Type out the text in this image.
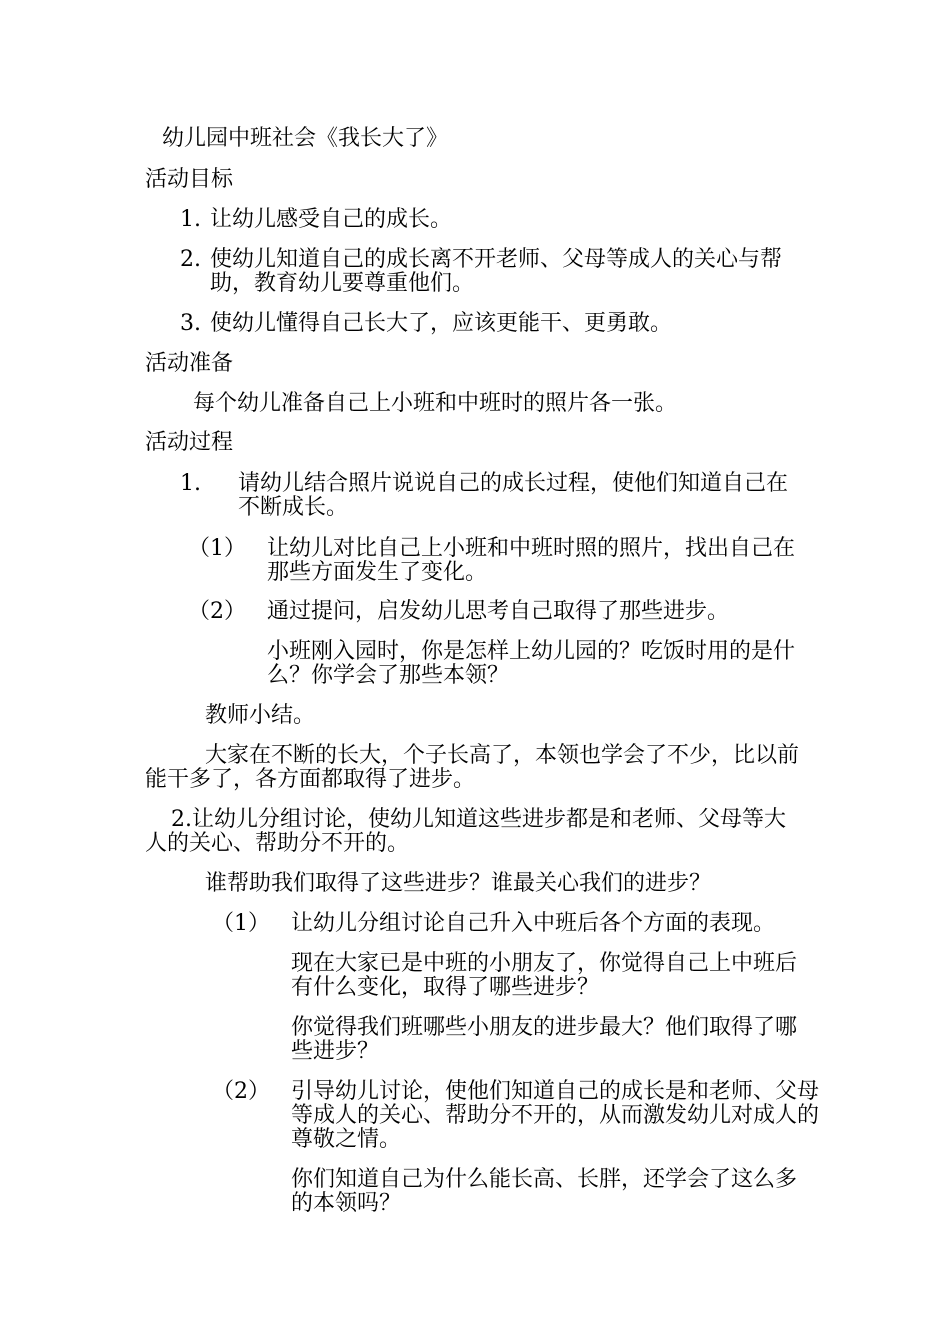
幼儿园中班社会《我长大了》

活动目标

1. 让幼儿感受自己的成长。

2. 使幼儿知道自己的成长离不开老师、父母等成人的关心与帮助，教育幼儿要尊重他们。

3. 使幼儿懂得自己长大了，应该更能干、更勇敢。

活动准备

每个幼儿准备自己上小班和中班时的照片各一张。

活动过程

1. 请幼儿结合照片说说自己的成长过程，使他们知道自己在不断成长。

（1） 让幼儿对比自己上小班和中班时照的照片，找出自己在那些方面发生了变化。

（2） 通过提问，启发幼儿思考自己取得了那些进步。

小班刚入园时，你是怎样上幼儿园的？吃饭时用的是什么？你学会了那些本领？

教师小结。

大家在不断的长大，个子长高了，本领也学会了不少，比以前能干多了，各方面都取得了进步。

2.让幼儿分组讨论，使幼儿知道这些进步都是和老师、父母等大人的关心、帮助分不开的。

谁帮助我们取得了这些进步？谁最关心我们的进步？

（1） 让幼儿分组讨论自己升入中班后各个方面的表现。

现在大家已是中班的小朋友了，你觉得自己上中班后有什么变化，取得了哪些进步？

你觉得我们班哪些小朋友的进步最大？他们取得了哪些进步？

（2） 引导幼儿讨论，使他们知道自己的成长是和老师、父母等成人的关心、帮助分不开的，从而激发幼儿对成人的尊敬之情。

你们知道自己为什么能长高、长胖，还学会了这么多的本领吗？
